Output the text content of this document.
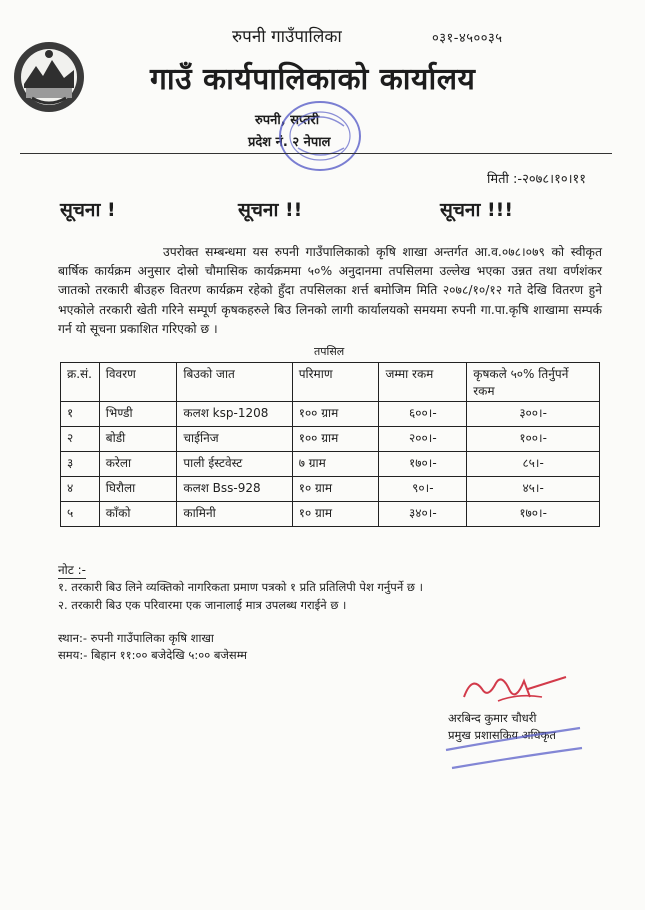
रुपनी गाउँपालिका	०३१-४५००३५
गाउँ कार्यपालिकाको कार्यालय
रुपनी, सप्तरी
प्रदेश नं. २ नेपाल
मिती :-२०७८।१०।११
सूचना !	सूचना !!	सूचना !!!
उपरोक्त सम्बन्धमा यस रुपनी गाउँपालिकाको कृषि शाखा अन्तर्गत आ.व.०७८।०७९ को स्वीकृत बार्षिक कार्यक्रम अनुसार दोस्रो चौमासिक कार्यक्रममा ५०% अनुदानमा तपसिलमा उल्लेख भएका उन्नत तथा वर्णशंकर जातको तरकारी बीउहरु वितरण कार्यक्रम रहेको हुँदा तपसिलका शर्त्त बमोजिम मिति २०७८/१०/१२ गते देखि वितरण हुने भएकोले तरकारी खेती गरिने सम्पूर्ण कृषकहरुले बिउ लिनको लागी कार्यालयको समयमा रुपनी गा.पा.कृषि शाखामा सम्पर्क गर्न यो सूचना प्रकाशित गरिएको छ ।
तपसिल
क्र.सं.	विवरण	बिउको जात	परिमाण	जम्मा रकम	कृषकले ५०% तिर्नुपर्ने रकम
१	भिण्डी	कलश ksp-1208	१०० ग्राम	६००।-	३००।-
२	बोडी	चाईनिज	१०० ग्राम	२००।-	१००।-
३	करेला	पाली ईस्टवेस्ट	७ ग्राम	१७०।-	८५।-
४	घिरौला	कलश Bss-928	१० ग्राम	९०।-	४५।-
५	काँको	कामिनी	१० ग्राम	३४०।-	१७०।-
नोट :-
१. तरकारी बिउ लिने व्यक्तिको नागरिकता प्रमाण पत्रको १ प्रति प्रतिलिपी पेश गर्नुपर्ने छ ।
२. तरकारी बिउ एक परिवारमा एक जानालाई मात्र उपलब्ध गराईने छ ।
स्थान:- रुपनी गाउँपालिका कृषि शाखा
समय:- बिहान ११:०० बजेदेखि ५:०० बजेसम्म
अरबिन्द कुमार चौधरी
प्रमुख प्रशासकिय अधिकृत
